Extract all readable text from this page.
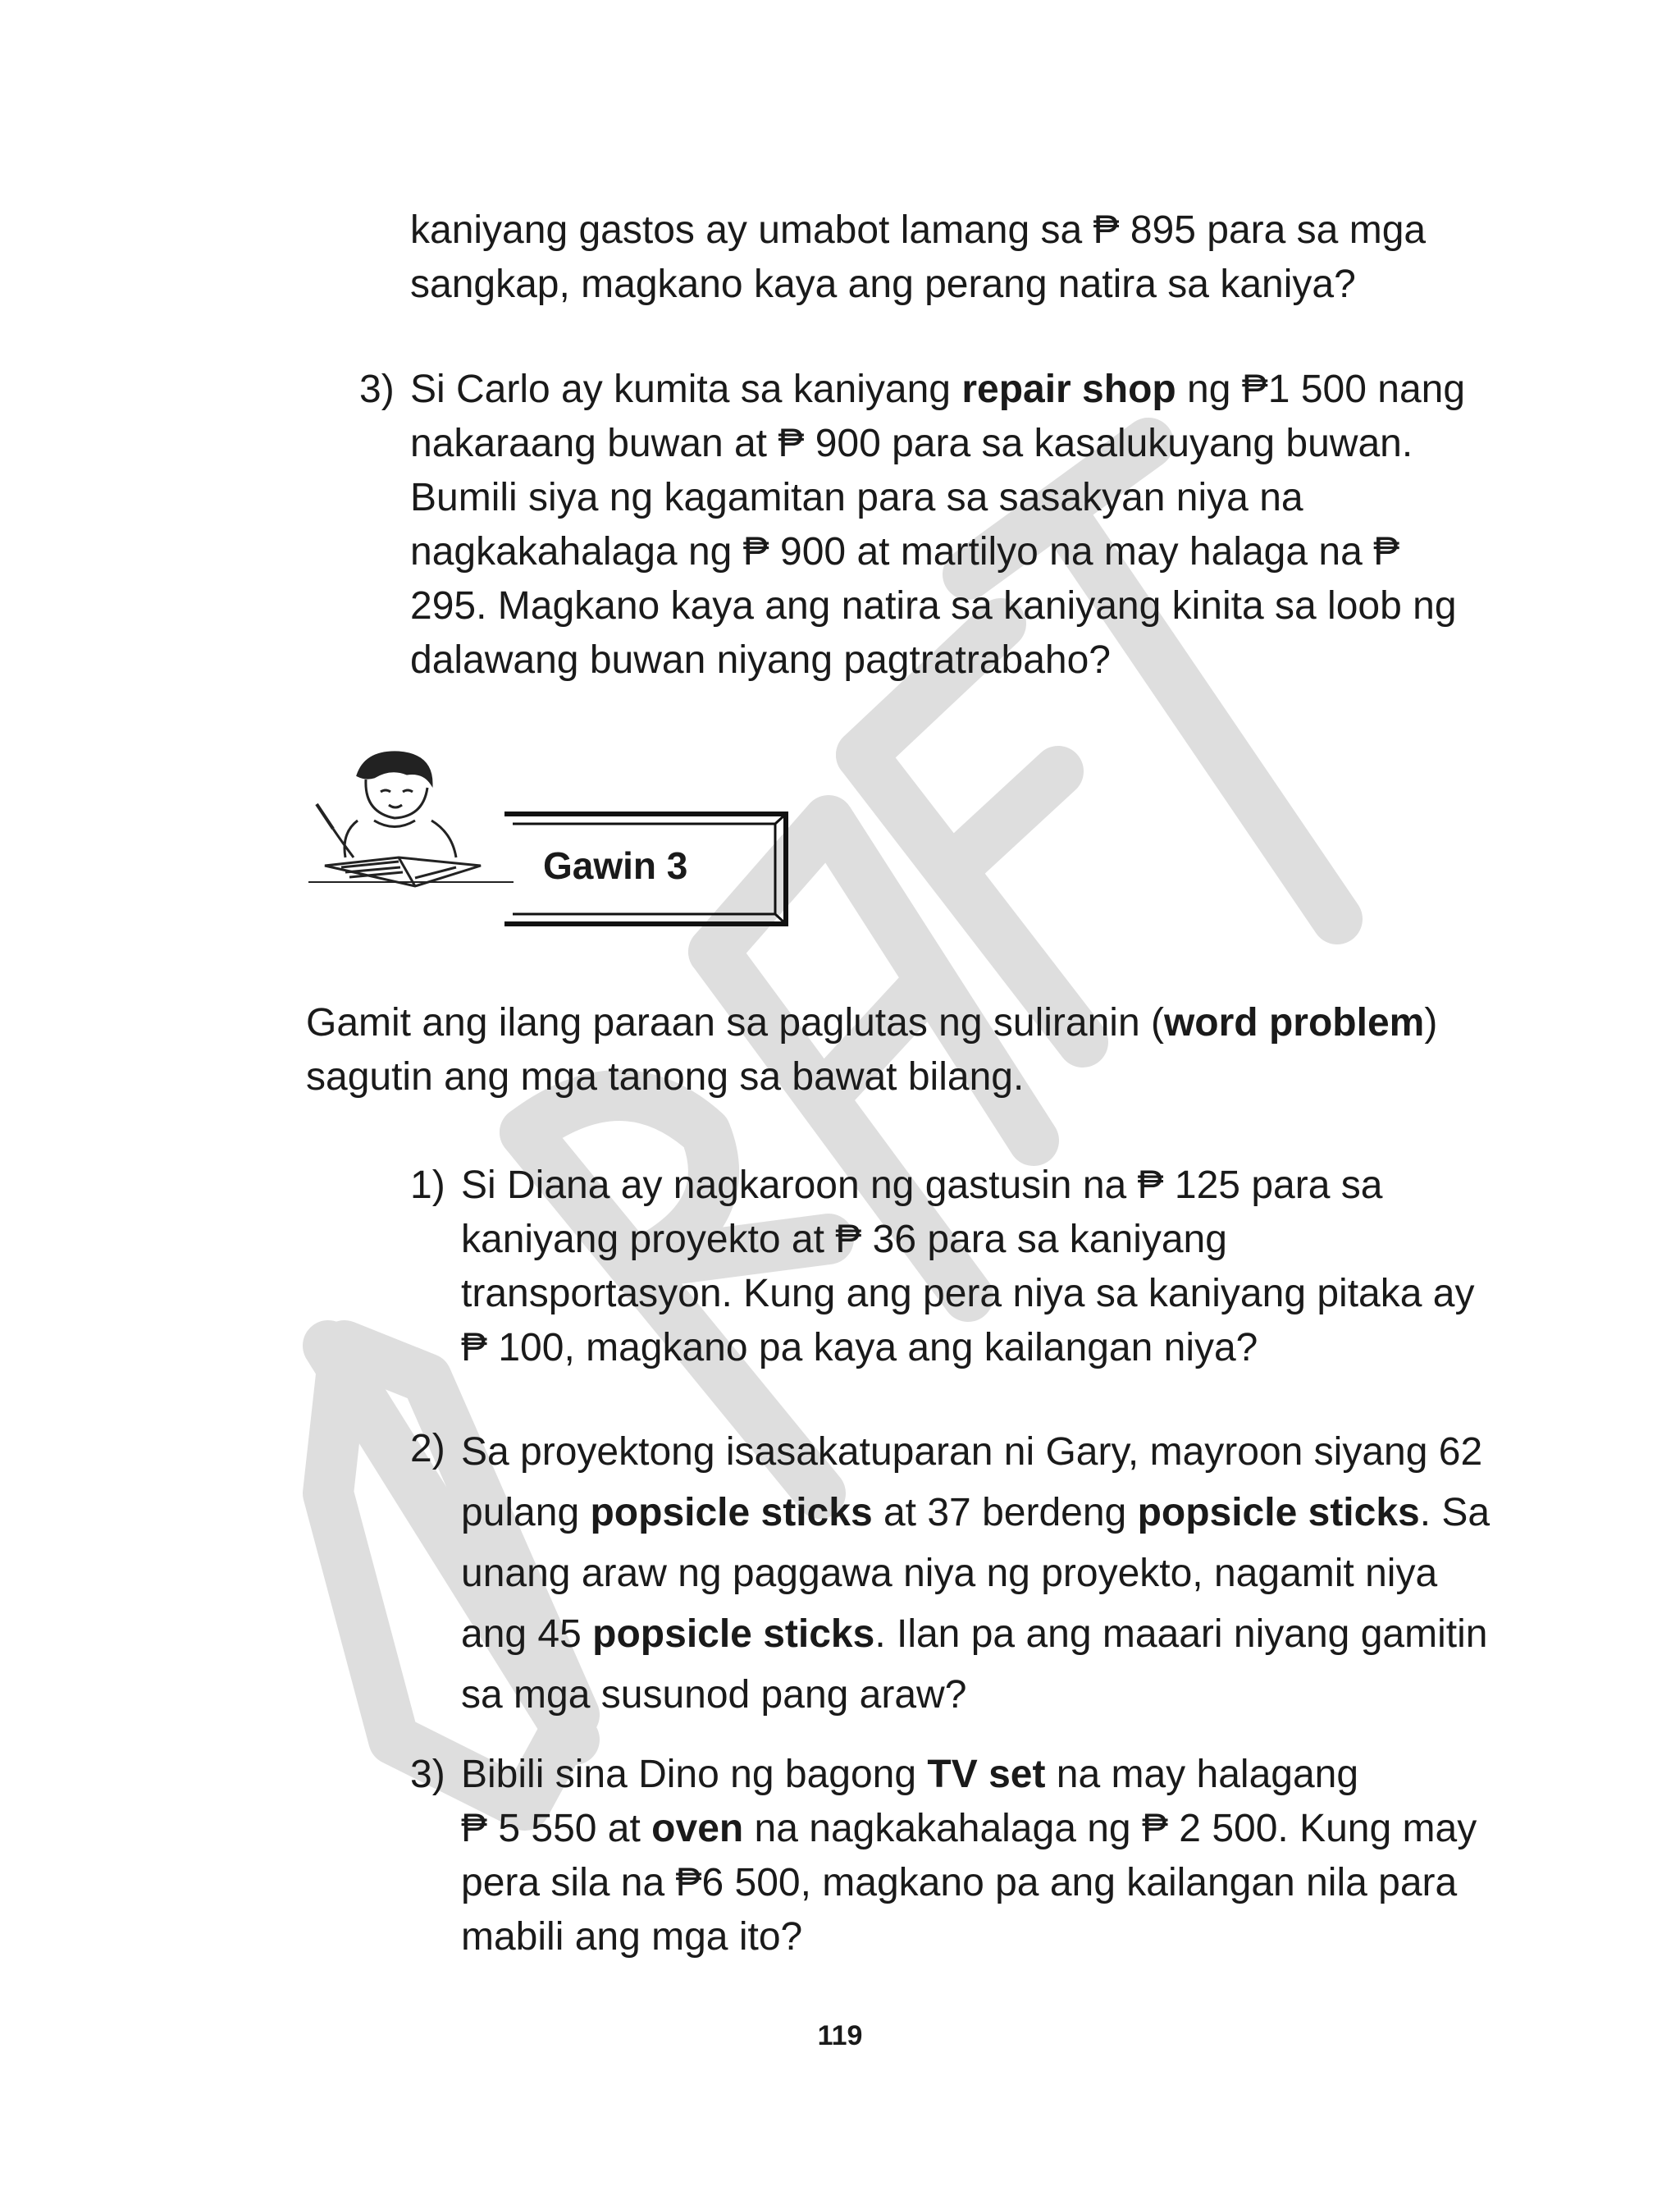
kaniyang gastos ay umabot lamang sa ₱ 895 para sa mga
sangkap, magkano kaya ang perang natira sa kaniya?
3) Si Carlo ay kumita sa kaniyang repair shop ng ₱1 500 nang
nakaraang buwan at ₱ 900 para sa kasalukuyang buwan.
Bumili siya ng kagamitan para sa sasakyan niya na
nagkakahalaga ng ₱ 900 at martilyo na may halaga na ₱
295. Magkano kaya ang natira sa kaniyang kinita sa loob ng
dalawang buwan niyang pagtratrabaho?
Gawin 3
Gamit ang ilang paraan sa paglutas ng suliranin (word problem)
sagutin ang mga tanong sa bawat bilang.
1) Si Diana ay nagkaroon ng gastusin na ₱ 125 para sa
kaniyang proyekto at ₱ 36 para sa kaniyang
transportasyon. Kung ang pera niya sa kaniyang pitaka ay
₱ 100, magkano pa kaya ang kailangan niya?
2) Sa proyektong isasakatuparan ni Gary, mayroon siyang 62
pulang popsicle sticks at 37 berdeng popsicle sticks. Sa
unang araw ng paggawa niya ng proyekto, nagamit niya
ang 45 popsicle sticks. Ilan pa ang maaari niyang gamitin
sa mga susunod pang araw?
3) Bibili sina Dino ng bagong TV set na may halagang
₱ 5 550 at oven na nagkakahalaga ng ₱ 2 500. Kung may
pera sila na ₱6 500, magkano pa ang kailangan nila para
mabili ang mga ito?
119
